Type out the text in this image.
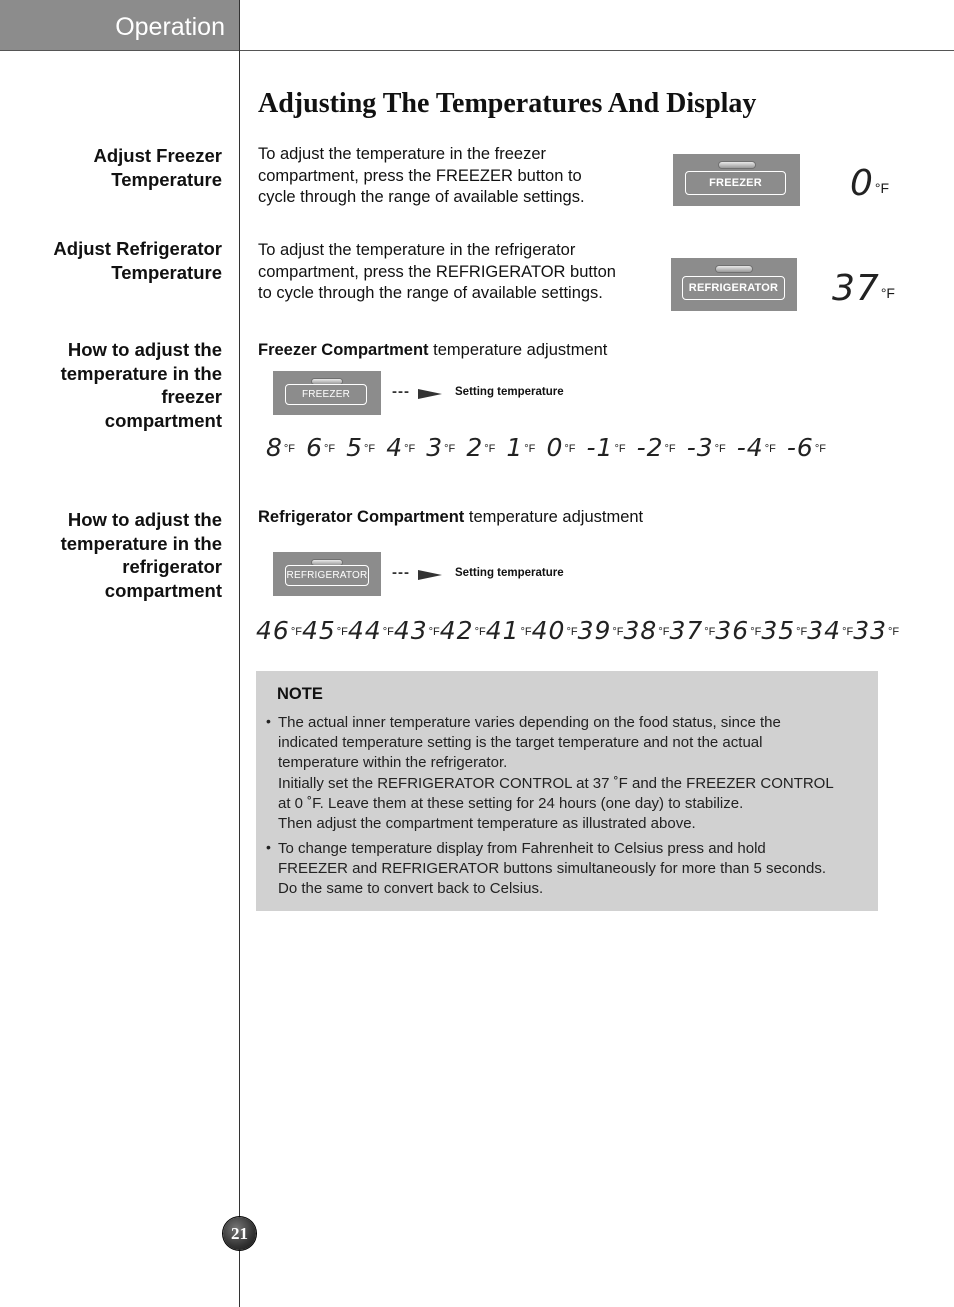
Operation
Adjusting The Temperatures And Display
Adjust Freezer
Temperature
To adjust the temperature in the freezer
compartment, press the FREEZER button to
cycle through the range of available settings.
FREEZER	0°F
Adjust Refrigerator
Temperature
To adjust the temperature in the refrigerator
compartment, press the REFRIGERATOR button
to cycle through the range of available settings.	REFRIGERATOR 37°F
How to adjust the
temperature in the
freezer
compartment
Freezer Compartment temperature adjustment
FREEZER	---	Setting temperature
8°F 6°F 5°F 4°F 3°F 2°F 1°F 0°F -1°F -2°F -3°F -4°F -6°F
How to adjust the
temperature in the
refrigerator
compartment
Refrigerator Compartment temperature adjustment
REFRIGERATOR ---	Setting temperature
46°F 45°F 44°F 43°F 42°F 41°F 40°F 39°F 38°F 37°F 36°F 35°F 34°F 33°F
NOTE
• The actual inner temperature varies depending on the food status, since the
indicated temperature setting is the target temperature and not the actual
temperature within the refrigerator.
Initially set the REFRIGERATOR CONTROL at 37 ˚F and the FREEZER CONTROL
at 0 ˚F. Leave them at these setting for 24 hours (one day) to stabilize.
Then adjust the compartment temperature as illustrated above.
• To change temperature display from Fahrenheit to Celsius press and hold
FREEZER and REFRIGERATOR buttons simultaneously for more than 5 seconds.
Do the same to convert back to Celsius.
21
